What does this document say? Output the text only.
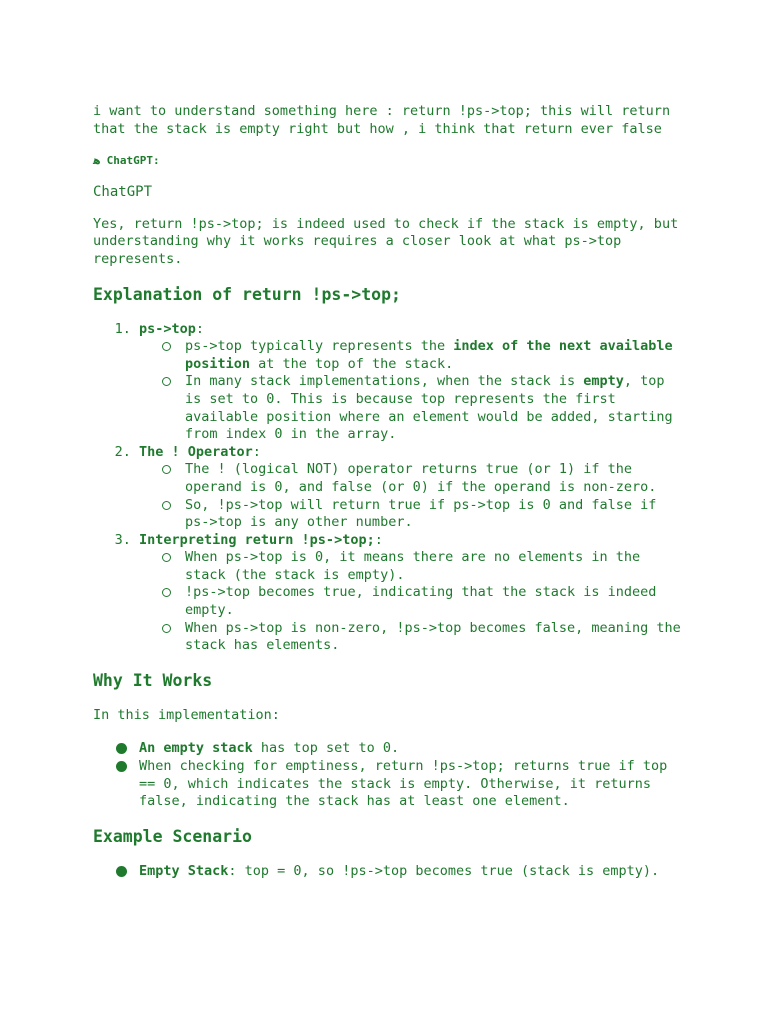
i want to understand something here : return !ps->top; this will return that the stack is empty right but how , i think that return ever false

ﻫ ChatGPT:

ChatGPT

Yes, return !ps->top; is indeed used to check if the stack is empty, but understanding why it works requires a closer look at what ps->top represents.

Explanation of return !ps->top;
1. ps->top:
ps->top typically represents the index of the next available position at the top of the stack.
In many stack implementations, when the stack is empty, top is set to 0. This is because top represents the first available position where an element would be added, starting from index 0 in the array.
2. The ! Operator:
The ! (logical NOT) operator returns true (or 1) if the operand is 0, and false (or 0) if the operand is non-zero.
So, !ps->top will return true if ps->top is 0 and false if ps->top is any other number.
3. Interpreting return !ps->top;:
When ps->top is 0, it means there are no elements in the stack (the stack is empty).
!ps->top becomes true, indicating that the stack is indeed empty.
When ps->top is non-zero, !ps->top becomes false, meaning the stack has elements.
Why It Works

In this implementation:

An empty stack has top set to 0.
When checking for emptiness, return !ps->top; returns true if top == 0, which indicates the stack is empty. Otherwise, it returns false, indicating the stack has at least one element.
Example Scenario
Empty Stack: top = 0, so !ps->top becomes true (stack is empty).
